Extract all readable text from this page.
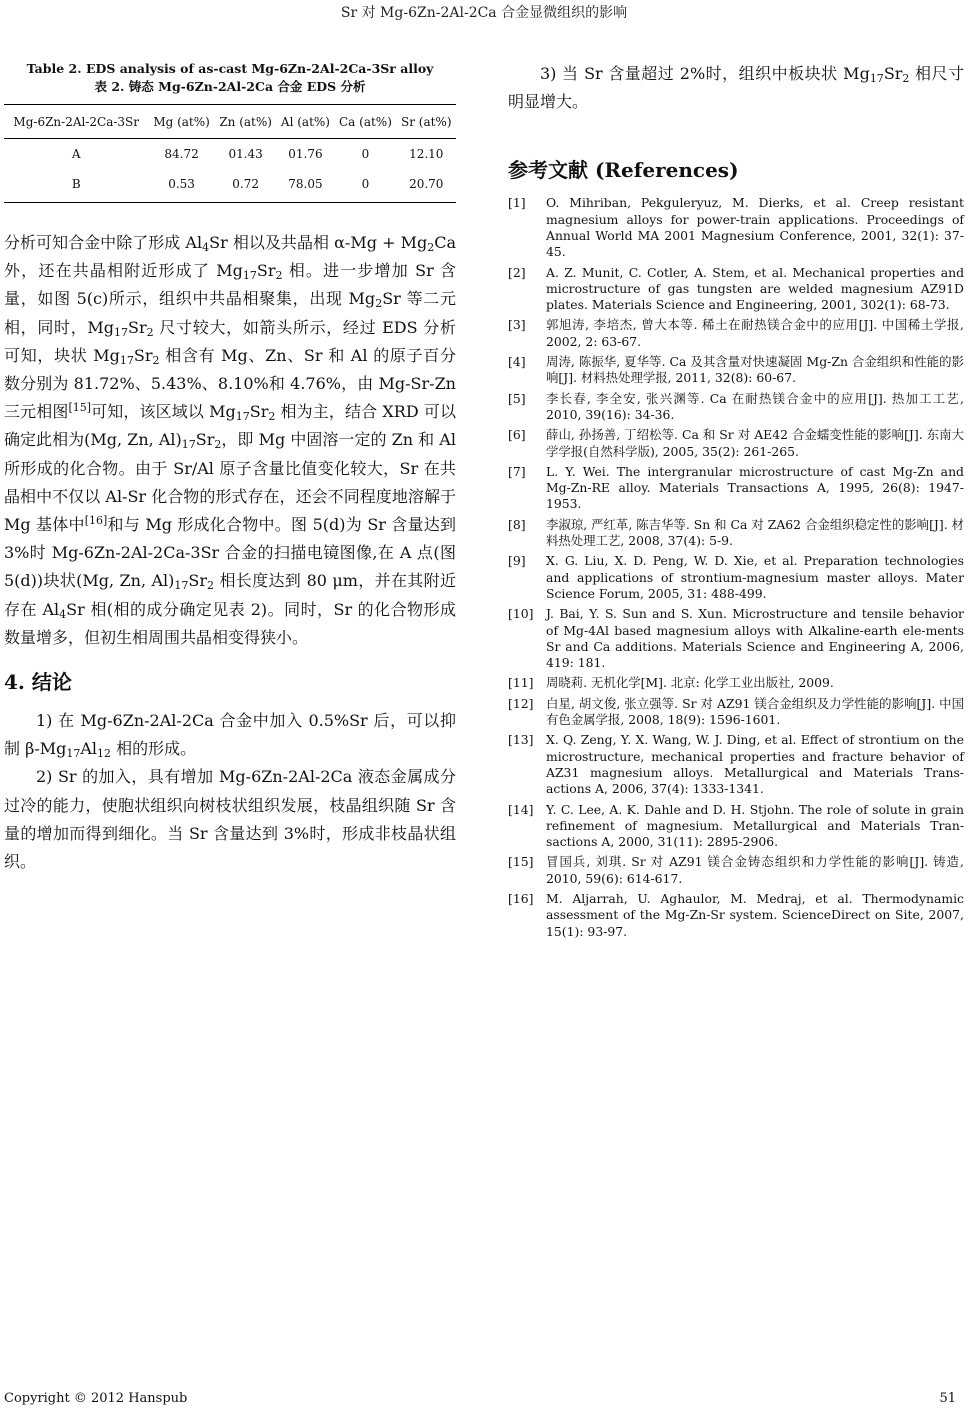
Sr 对 Mg-6Zn-2Al-2Ca 合金显微组织的影响
Table 2. EDS analysis of as-cast Mg-6Zn-2Al-2Ca-3Sr alloy
表 2. 铸态 Mg-6Zn-2Al-2Ca 合金 EDS 分析
Mg-6Zn-2Al-2Ca-3Sr	Mg (at%)	Zn (at%)	Al (at%)	Ca (at%)	Sr (at%)
A	84.72	01.43	01.76	0	12.10
B	0.53	0.72	78.05	0	20.70

分析可知合金中除了形成 $Al_4Sr$ 相以及共晶相 $\alpha-Mg + Mg_2Ca$ 外，还在共晶相附近形成了 $Mg_{17}Sr_2$ 相。进一步增加 Sr 含量，如图 5(c)所示，组织中共晶相聚集，出现 $Mg_2Sr$ 等二元相，同时，$Mg_{17}Sr_2$ 尺寸较大，如箭头所示，经过 EDS 分析可知，块状 $Mg_{17}Sr_2$ 相含有 Mg、Zn、Sr 和 Al 的原子百分数分别为 81.72%、5.43%、8.10%和 4.76%，由 Mg-Sr-Zn 三元相图[15]可知，该区域以 $Mg_{17}Sr_2$ 相为主，结合 XRD 可以确定此相为(Mg, Zn, $Al)_{17}Sr_2$，即 Mg 中固溶一定的 Zn 和 Al 所形成的化合物。由于 Sr/Al 原子含量比值变化较大，Sr 在共晶相中不仅以 Al-Sr 化合物的形式存在，还会不同程度地溶解于 Mg 基体中[16]和与 Mg 形成化合物中。图 5(d)为 Sr 含量达到 3%时 Mg-6Zn-2Al-2Ca-3Sr 合金的扫描电镜图像,在 A 点(图 5(d))块状(Mg, Zn, $Al)_{17}Sr_2$ 相长度达到 80 μm，并在其附近存在 $Al_4Sr$ 相(相的成分确定见表 2)。同时，Sr 的化合物形成数量增多，但初生相周围共晶相变得狭小。

4. 结论

1) 在 Mg-6Zn-2Al-2Ca 合金中加入 0.5%Sr 后，可以抑制 $\beta-Mg_{17}Al_{12}$ 相的形成。

2) Sr 的加入，具有增加 Mg-6Zn-2Al-2Ca 液态金属成分过冷的能力，使胞状组织向树枝状组织发展，枝晶组织随 Sr 含量的增加而得到细化。当 Sr 含量达到 3%时，形成非枝晶状组织。

3) 当 Sr 含量超过 2%时，组织中板块状 $Mg_{17}Sr_2$ 相尺寸明显增大。

参考文献 (References)
[1]	O. Mihriban, Pekguleryuz, M. Dierks, et al. Creep resistant magnesium alloys for power-train applications. Proceedings of Annual World MA 2001 Magnesium Conference, 2001, 32(1): 37-45.
[2]	A. Z. Munit, C. Cotler, A. Stem, et al. Mechanical properties and microstructure of gas tungsten are welded magnesium AZ91D plates. Materials Science and Engineering, 2001, 302(1): 68-73.
[3]	郭旭涛, 李培杰, 曾大本等. 稀土在耐热镁合金中的应用[J]. 中国稀土学报, 2002, 2: 63-67.
[4]	周涛, 陈振华, 夏华等. Ca 及其含量对快速凝固 Mg-Zn 合金组织和性能的影响[J]. 材料热处理学报, 2011, 32(8): 60-67.
[5]	李长春, 李全安, 张兴渊等. Ca 在耐热镁合金中的应用[J]. 热加工工艺, 2010, 39(16): 34-36.
[6]	薛山, 孙扬善, 丁绍松等. Ca 和 Sr 对 AE42 合金蠕变性能的影响[J]. 东南大学学报(自然科学版), 2005, 35(2): 261-265.
[7]	L. Y. Wei. The intergranular microstructure of cast Mg-Zn and Mg-Zn-RE alloy. Materials Transactions A, 1995, 26(8): 1947-1953.
[8]	李淑琼, 严红革, 陈吉华等. Sn 和 Ca 对 ZA62 合金组织稳定性的影响[J]. 材料热处理工艺, 2008, 37(4): 5-9.
[9]	X. G. Liu, X. D. Peng, W. D. Xie, et al. Preparation technologies and applications of strontium-magnesium master alloys. Mater Science Forum, 2005, 31: 488-499.
[10]	J. Bai, Y. S. Sun and S. Xun. Microstructure and tensile behavior of Mg-4Al based magnesium alloys with Alkaline-earth ele-ments Sr and Ca additions. Materials Science and Engineering A, 2006, 419: 181.
[11]	周晓莉. 无机化学[M]. 北京: 化学工业出版社, 2009.
[12]	白星, 胡文俊, 张立强等. Sr 对 AZ91 镁合金组织及力学性能的影响[J]. 中国有色金属学报, 2008, 18(9): 1596-1601.
[13]	X. Q. Zeng, Y. X. Wang, W. J. Ding, et al. Effect of strontium on the microstructure, mechanical properties and fracture behavior of AZ31 magnesium alloys. Metallurgical and Materials Trans-actions A, 2006, 37(4): 1333-1341.
[14]	Y. C. Lee, A. K. Dahle and D. H. Stjohn. The role of solute in grain refinement of magnesium. Metallurgical and Materials Tran-sactions A, 2000, 31(11): 2895-2906.
[15]	冒国兵, 刘琪. Sr 对 AZ91 镁合金铸态组织和力学性能的影响[J]. 铸造, 2010, 59(6): 614-617.
[16]	M. Aljarrah, U. Aghaulor, M. Medraj, et al. Thermodynamic assessment of the Mg-Zn-Sr system. ScienceDirect on Site, 2007, 15(1): 93-97.
Copyright © 2012 Hanspub	51
